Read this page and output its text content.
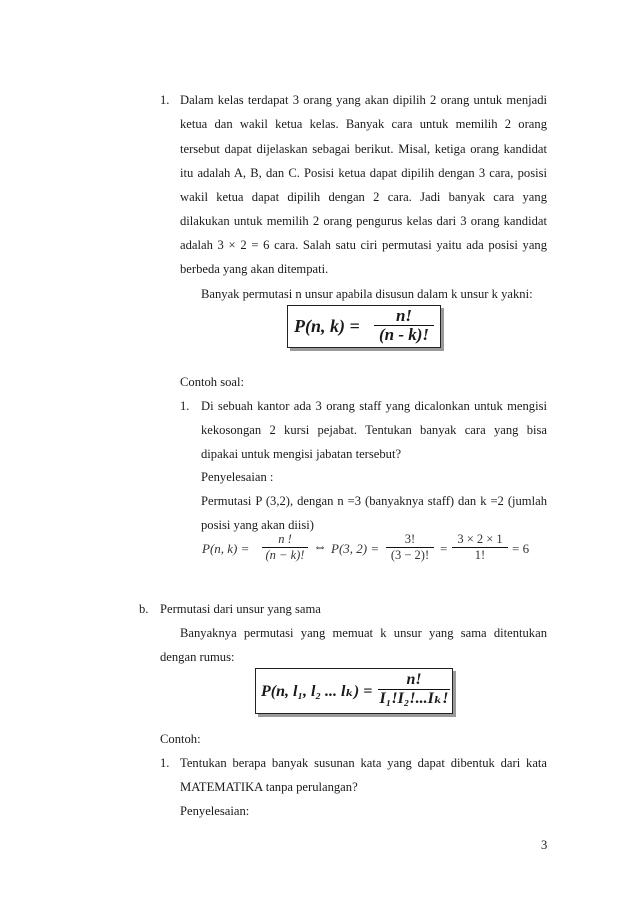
1. Dalam kelas terdapat 3 orang yang akan dipilih 2 orang untuk menjadi
ketua dan wakil ketua kelas. Banyak cara untuk memilih 2 orang
tersebut dapat dijelaskan sebagai berikut. Misal, ketiga orang kandidat
itu adalah A, B, dan C. Posisi ketua dapat dipilih dengan 3 cara, posisi
wakil ketua dapat dipilih dengan 2 cara. Jadi banyak cara yang
dilakukan untuk memilih 2 orang pengurus kelas dari 3 orang kandidat
adalah 3 × 2 = 6 cara. Salah satu ciri permutasi yaitu ada posisi yang
berbeda yang akan ditempati.
Banyak permutasi n unsur apabila disusun dalam k unsur k yakni:
P(n, k) =
n!
(n - k)!
Contoh soal:
1. Di sebuah kantor ada 3 orang staff yang dicalonkan untuk mengisi
kekosongan 2 kursi pejabat. Tentukan banyak cara yang bisa
dipakai untuk mengisi jabatan tersebut?
Penyelesaian :
Permutasi P (3,2), dengan n =3 (banyaknya staff) dan k =2 (jumlah
posisi yang akan diisi)
P(n, k) =
n !
(n − k)! ⇔ P(3, 2) =
3!
(3 − 2)! =
3 × 2 × 1
1! = 6
b. Permutasi dari unsur yang sama
Banyaknya permutasi yang memuat k unsur yang sama ditentukan
dengan rumus:
P(n, l₁, l₂ ... lₖ) =
n!
I₁!I₂!...Iₖ!
Contoh:
1. Tentukan berapa banyak susunan kata yang dapat dibentuk dari kata
MATEMATIKA tanpa perulangan?
Penyelesaian:
3
